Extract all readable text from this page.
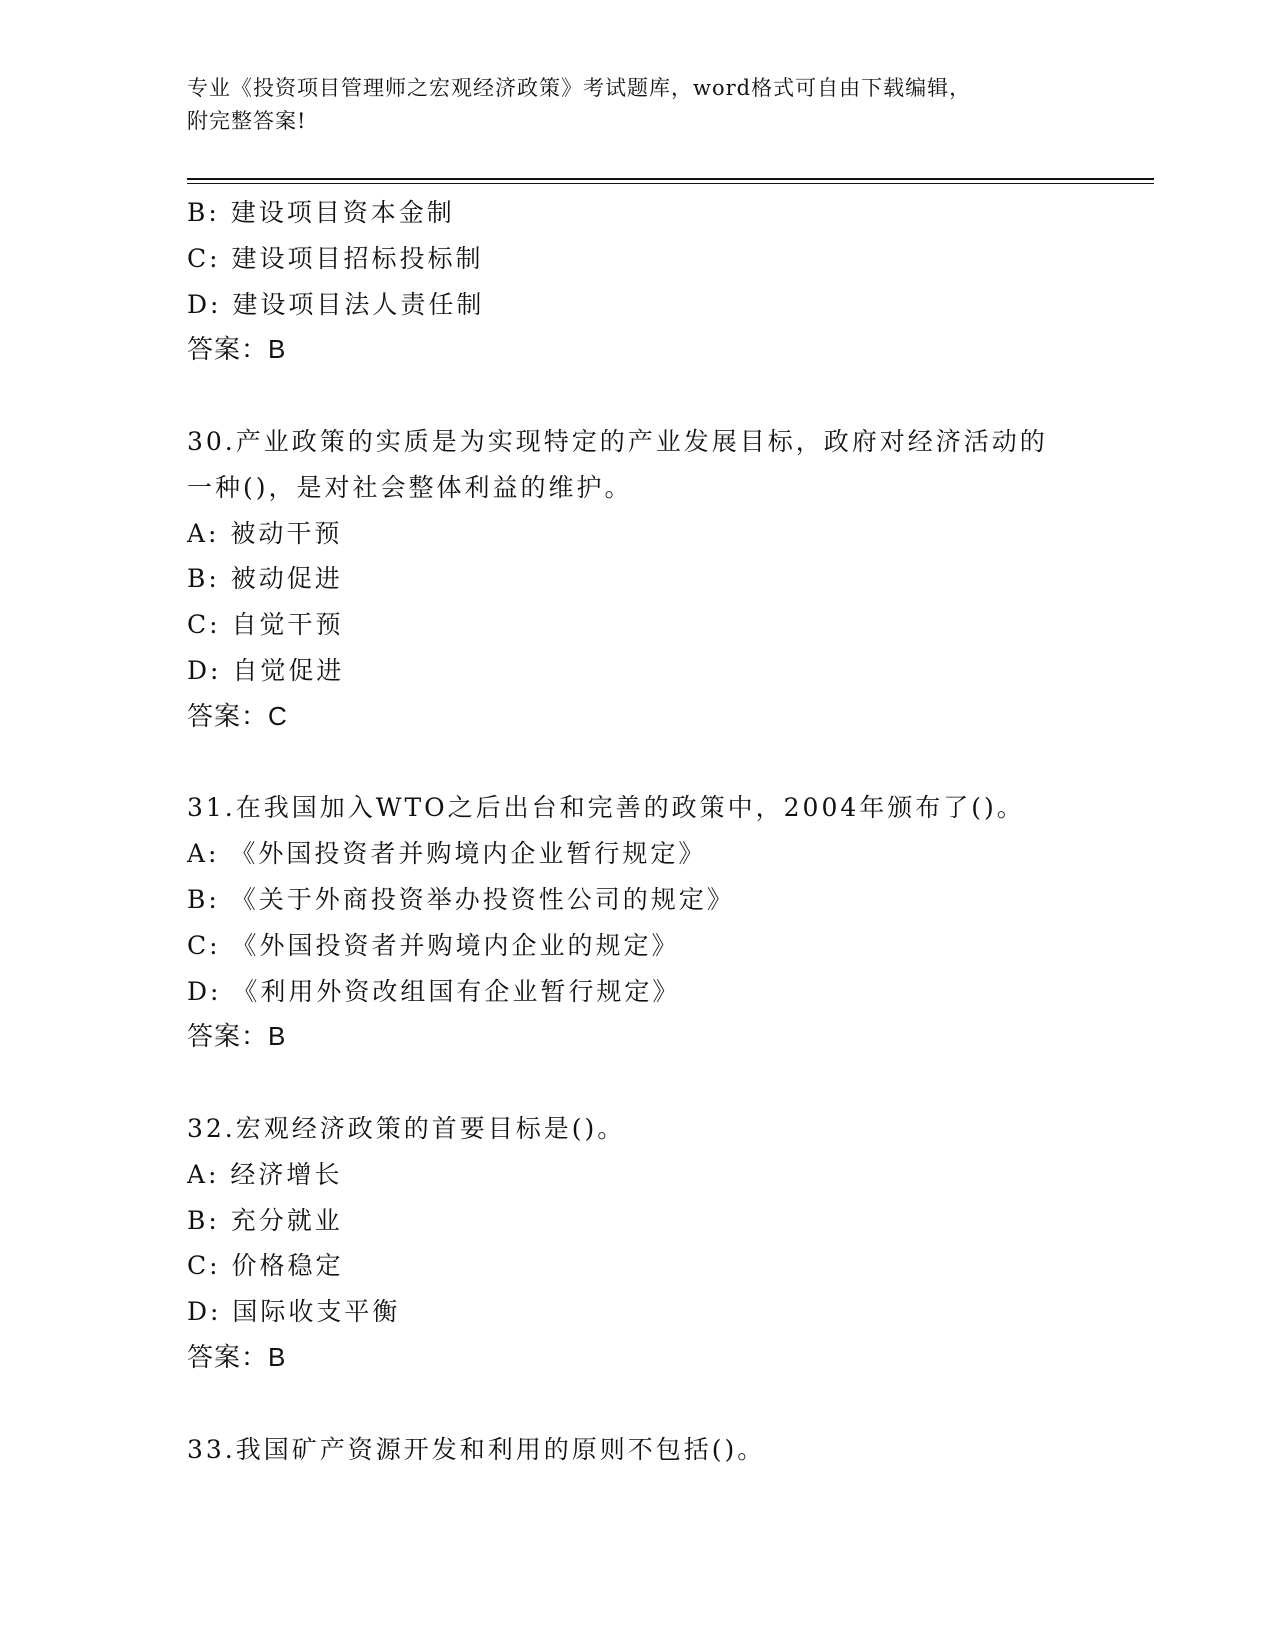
专业《投资项目管理师之宏观经济政策》考试题库，word格式可自由下载编辑，
附完整答案!
B: 建设项目资本金制
C: 建设项目招标投标制
D: 建设项目法人责任制
答案：B
30.产业政策的实质是为实现特定的产业发展目标，政府对经济活动的
一种()，是对社会整体利益的维护。
A: 被动干预
B: 被动促进
C: 自觉干预
D: 自觉促进
答案：C
31.在我国加入WTO之后出台和完善的政策中，2004年颁布了()。
A: 《外国投资者并购境内企业暂行规定》
B: 《关于外商投资举办投资性公司的规定》
C: 《外国投资者并购境内企业的规定》
D: 《利用外资改组国有企业暂行规定》
答案：B
32.宏观经济政策的首要目标是()。
A: 经济增长
B: 充分就业
C: 价格稳定
D: 国际收支平衡
答案：B
33.我国矿产资源开发和利用的原则不包括()。
